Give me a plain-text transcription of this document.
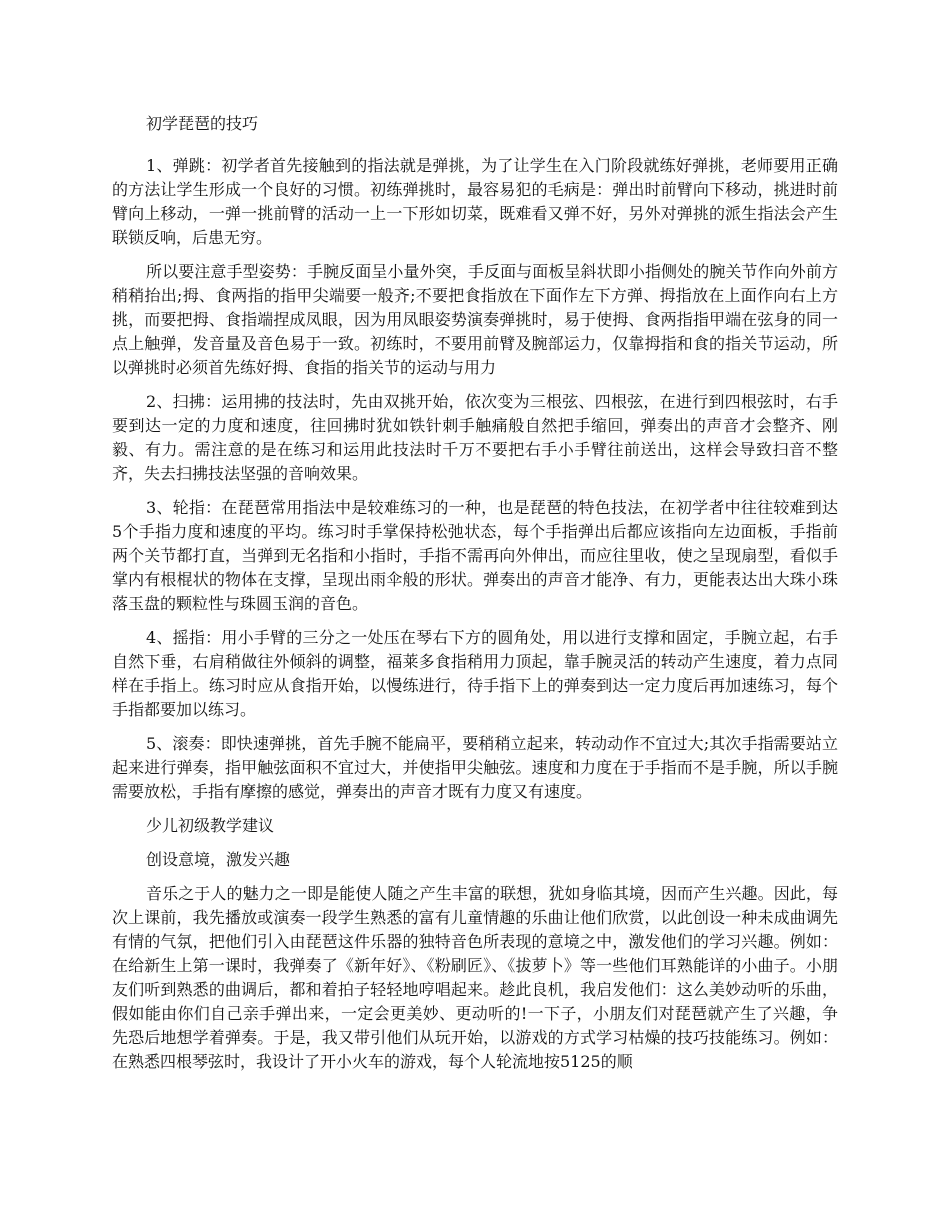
初学琵琶的技巧

1、弹跳：初学者首先接触到的指法就是弹挑，为了让学生在入门阶段就练好弹挑，老师要用正确的方法让学生形成一个良好的习惯。初练弹挑时，最容易犯的毛病是：弹出时前臂向下移动，挑进时前臂向上移动，一弹一挑前臂的活动一上一下形如切菜，既难看又弹不好，另外对弹挑的派生指法会产生联锁反响，后患无穷。

所以要注意手型姿势：手腕反面呈小量外突，手反面与面板呈斜状即小指侧处的腕关节作向外前方稍稍抬出;拇、食两指的指甲尖端要一般齐;不要把食指放在下面作左下方弹、拇指放在上面作向右上方挑，而要把拇、食指端捏成凤眼，因为用凤眼姿势演奏弹挑时，易于使拇、食两指指甲端在弦身的同一点上触弹，发音量及音色易于一致。初练时，不要用前臂及腕部运力，仅靠拇指和食的指关节运动，所以弹挑时必须首先练好拇、食指的指关节的运动与用力

2、扫拂：运用拂的技法时，先由双挑开始，依次变为三根弦、四根弦，在进行到四根弦时，右手要到达一定的力度和速度，往回拂时犹如铁针刺手触痛般自然把手缩回，弹奏出的声音才会整齐、刚毅、有力。需注意的是在练习和运用此技法时千万不要把右手小手臂往前送出，这样会导致扫音不整齐，失去扫拂技法坚强的音响效果。

3、轮指：在琵琶常用指法中是较难练习的一种，也是琵琶的特色技法，在初学者中往往较难到达5个手指力度和速度的平均。练习时手掌保持松弛状态，每个手指弹出后都应该指向左边面板，手指前两个关节都打直，当弹到无名指和小指时，手指不需再向外伸出，而应往里收，使之呈现扇型，看似手掌内有根棍状的物体在支撑，呈现出雨伞般的形状。弹奏出的声音才能净、有力，更能表达出大珠小珠落玉盘的颗粒性与珠圆玉润的音色。

4、摇指：用小手臂的三分之一处压在琴右下方的圆角处，用以进行支撑和固定，手腕立起，右手自然下垂，右肩稍做往外倾斜的调整，福莱多食指稍用力顶起，靠手腕灵活的转动产生速度，着力点同样在手指上。练习时应从食指开始，以慢练进行，待手指下上的弹奏到达一定力度后再加速练习，每个手指都要加以练习。

5、滚奏：即快速弹挑，首先手腕不能扁平，要稍稍立起来，转动动作不宜过大;其次手指需要站立起来进行弹奏，指甲触弦面积不宜过大，并使指甲尖触弦。速度和力度在于手指而不是手腕，所以手腕需要放松，手指有摩擦的感觉，弹奏出的声音才既有力度又有速度。

少儿初级教学建议

创设意境，激发兴趣

音乐之于人的魅力之一即是能使人随之产生丰富的联想，犹如身临其境，因而产生兴趣。因此，每次上课前，我先播放或演奏一段学生熟悉的富有儿童情趣的乐曲让他们欣赏，以此创设一种未成曲调先有情的气氛，把他们引入由琵琶这件乐器的独特音色所表现的意境之中，激发他们的学习兴趣。例如：在给新生上第一课时，我弹奏了《新年好》、《粉刷匠》、《拔萝卜》等一些他们耳熟能详的小曲子。小朋友们听到熟悉的曲调后，都和着拍子轻轻地哼唱起来。趁此良机，我启发他们：这么美妙动听的乐曲，假如能由你们自己亲手弹出来，一定会更美妙、更动听的!一下子，小朋友们对琵琶就产生了兴趣，争先恐后地想学着弹奏。于是，我又带引他们从玩开始，以游戏的方式学习枯燥的技巧技能练习。例如：在熟悉四根琴弦时，我设计了开小火车的游戏，每个人轮流地按5125的顺
